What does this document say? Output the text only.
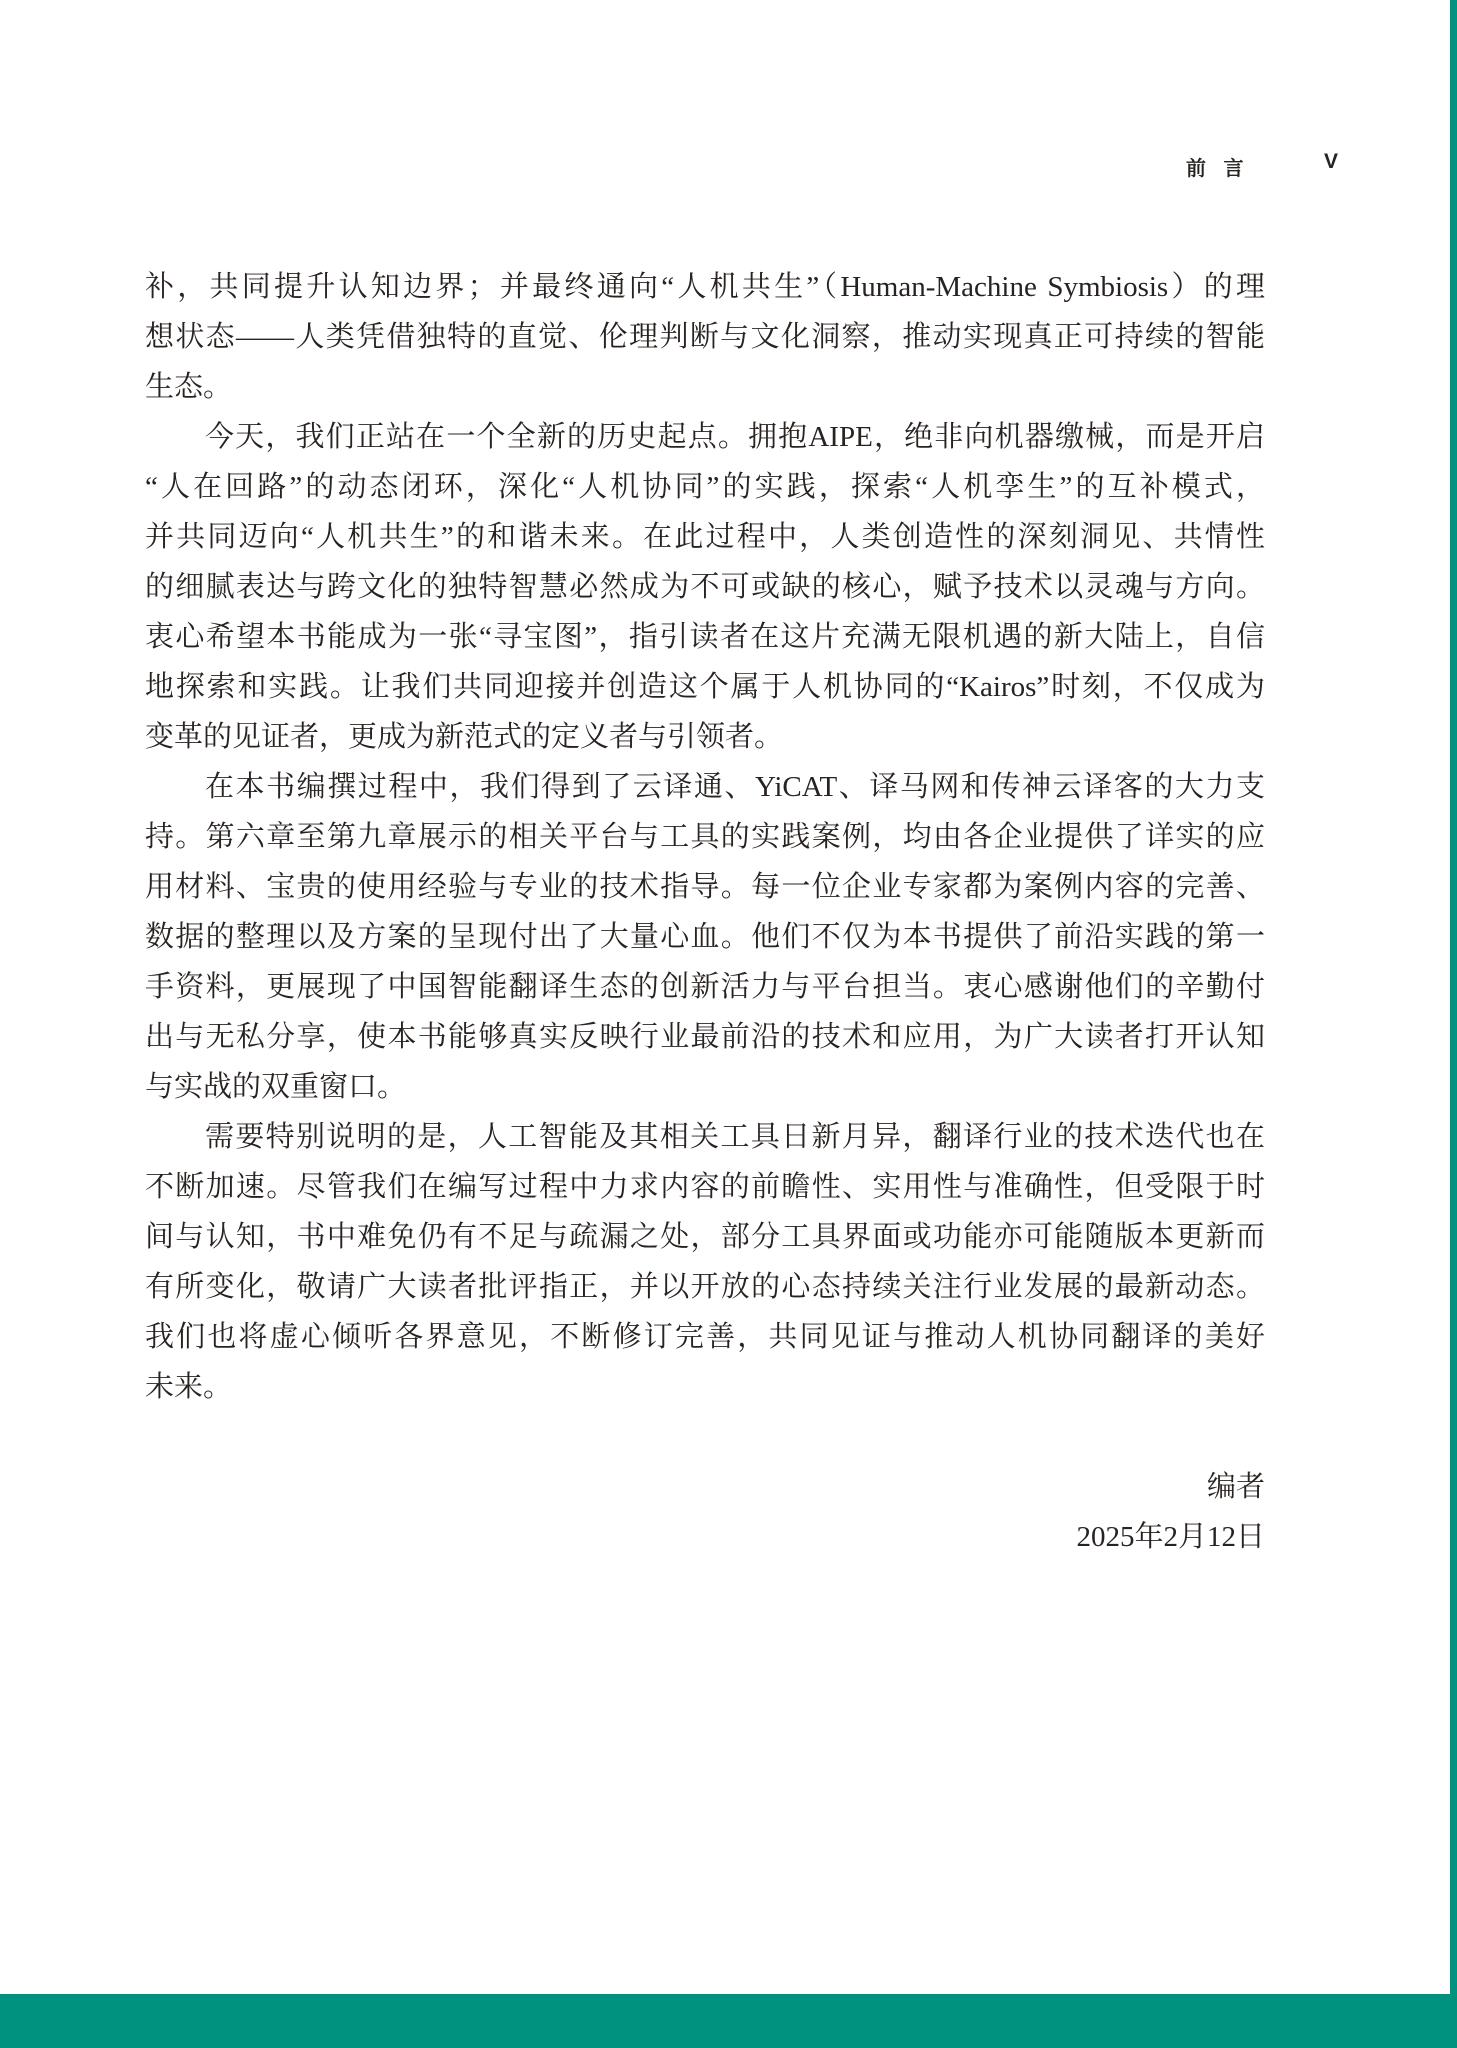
前 言	V
补，共同提升认知边界；并最终通向“人机共生”（Human-Machine Symbiosis）的理
想状态——人类凭借独特的直觉、伦理判断与文化洞察，推动实现真正可持续的智能
生态。
今天，我们正站在一个全新的历史起点。拥抱AIPE，绝非向机器缴械，而是开启
“人在回路”的动态闭环，深化“人机协同”的实践，探索“人机孪生”的互补模式，
并共同迈向“人机共生”的和谐未来。在此过程中，人类创造性的深刻洞见、共情性
的细腻表达与跨文化的独特智慧必然成为不可或缺的核心，赋予技术以灵魂与方向。
衷心希望本书能成为一张“寻宝图”，指引读者在这片充满无限机遇的新大陆上，自信
地探索和实践。让我们共同迎接并创造这个属于人机协同的“Kairos”时刻，不仅成为
变革的见证者，更成为新范式的定义者与引领者。
在本书编撰过程中，我们得到了云译通、YiCAT、译马网和传神云译客的大力支
持。第六章至第九章展示的相关平台与工具的实践案例，均由各企业提供了详实的应
用材料、宝贵的使用经验与专业的技术指导。每一位企业专家都为案例内容的完善、
数据的整理以及方案的呈现付出了大量心血。他们不仅为本书提供了前沿实践的第一
手资料，更展现了中国智能翻译生态的创新活力与平台担当。衷心感谢他们的辛勤付
出与无私分享，使本书能够真实反映行业最前沿的技术和应用，为广大读者打开认知
与实战的双重窗口。
需要特别说明的是，人工智能及其相关工具日新月异，翻译行业的技术迭代也在
不断加速。尽管我们在编写过程中力求内容的前瞻性、实用性与准确性，但受限于时
间与认知，书中难免仍有不足与疏漏之处，部分工具界面或功能亦可能随版本更新而
有所变化，敬请广大读者批评指正，并以开放的心态持续关注行业发展的最新动态。
我们也将虚心倾听各界意见，不断修订完善，共同见证与推动人机协同翻译的美好
未来。
编者
2025年2月12日
